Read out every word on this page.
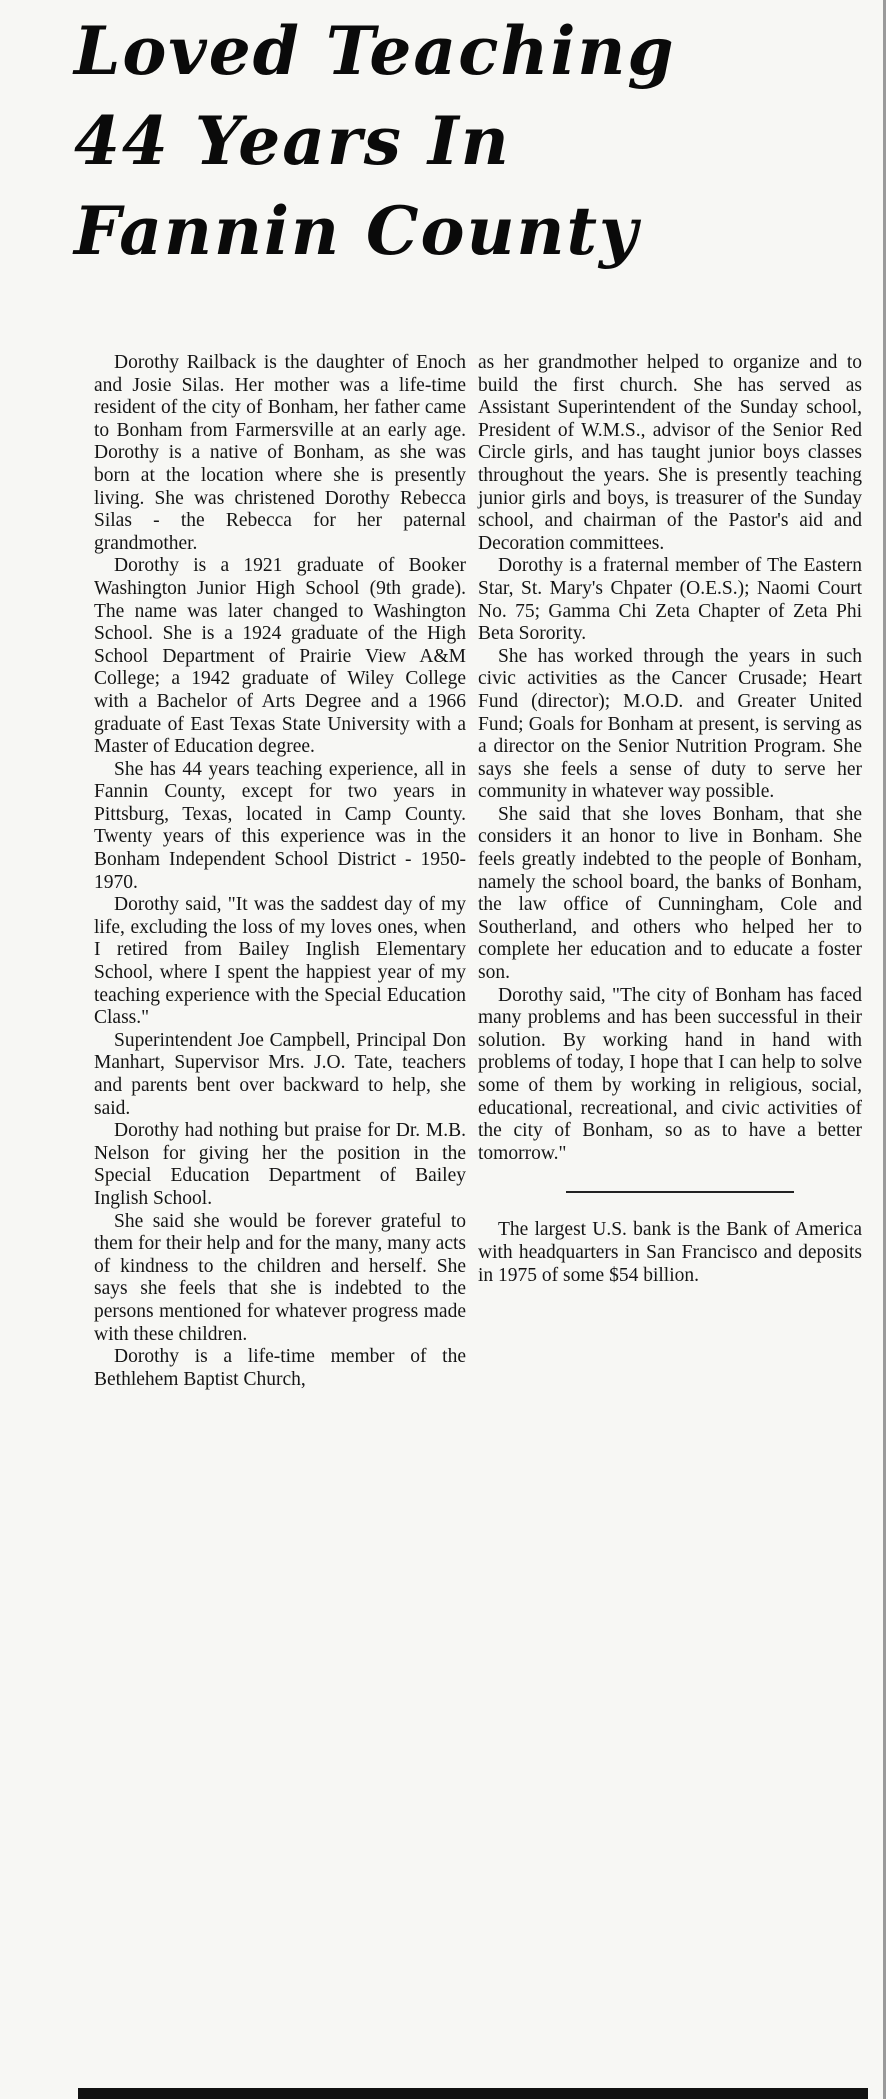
Loved Teaching
44 Years In
Fannin County

Dorothy Railback is the daughter of Enoch and Josie Silas. Her mother was a life-time resident of the city of Bonham, her father came to Bonham from Farmersville at an early age. Dorothy is a native of Bonham, as she was born at the location where she is presently living. She was christened Dorothy Rebecca Silas - the Rebecca for her paternal grandmother.

Dorothy is a 1921 graduate of Booker Washington Junior High School (9th grade). The name was later changed to Washington School. She is a 1924 graduate of the High School Department of Prairie View A&M College; a 1942 graduate of Wiley College with a Bachelor of Arts Degree and a 1966 graduate of East Texas State University with a Master of Education degree.

She has 44 years teaching experience, all in Fannin County, except for two years in Pittsburg, Texas, located in Camp County. Twenty years of this experience was in the Bonham Independent School District - 1950-1970.

Dorothy said, "It was the saddest day of my life, excluding the loss of my loves ones, when I retired from Bailey Inglish Elementary School, where I spent the happiest year of my teaching experience with the Special Education Class."

Superintendent Joe Campbell, Principal Don Manhart, Supervisor Mrs. J.O. Tate, teachers and parents bent over backward to help, she said.

Dorothy had nothing but praise for Dr. M.B. Nelson for giving her the position in the Special Education Department of Bailey Inglish School.

She said she would be forever grateful to them for their help and for the many, many acts of kindness to the children and herself. She says she feels that she is indebted to the persons mentioned for whatever progress made with these children.

Dorothy is a life-time member of the Bethlehem Baptist Church,

as her grandmother helped to organize and to build the first church. She has served as Assistant Superintendent of the Sunday school, President of W.M.S., advisor of the Senior Red Circle girls, and has taught junior boys classes throughout the years. She is presently teaching junior girls and boys, is treasurer of the Sunday school, and chairman of the Pastor's aid and Decoration committees.

Dorothy is a fraternal member of The Eastern Star, St. Mary's Chpater (O.E.S.); Naomi Court No. 75; Gamma Chi Zeta Chapter of Zeta Phi Beta Sorority.

She has worked through the years in such civic activities as the Cancer Crusade; Heart Fund (director); M.O.D. and Greater United Fund; Goals for Bonham at present, is serving as a director on the Senior Nutrition Program. She says she feels a sense of duty to serve her community in whatever way possible.

She said that she loves Bonham, that she considers it an honor to live in Bonham. She feels greatly indebted to the people of Bonham, namely the school board, the banks of Bonham, the law office of Cunningham, Cole and Southerland, and others who helped her to complete her education and to educate a foster son.

Dorothy said, "The city of Bonham has faced many problems and has been successful in their solution. By working hand in hand with problems of today, I hope that I can help to solve some of them by working in religious, social, educational, recreational, and civic activities of the city of Bonham, so as to have a better tomorrow."

The largest U.S. bank is the Bank of America with headquarters in San Francisco and deposits in 1975 of some $54 billion.
